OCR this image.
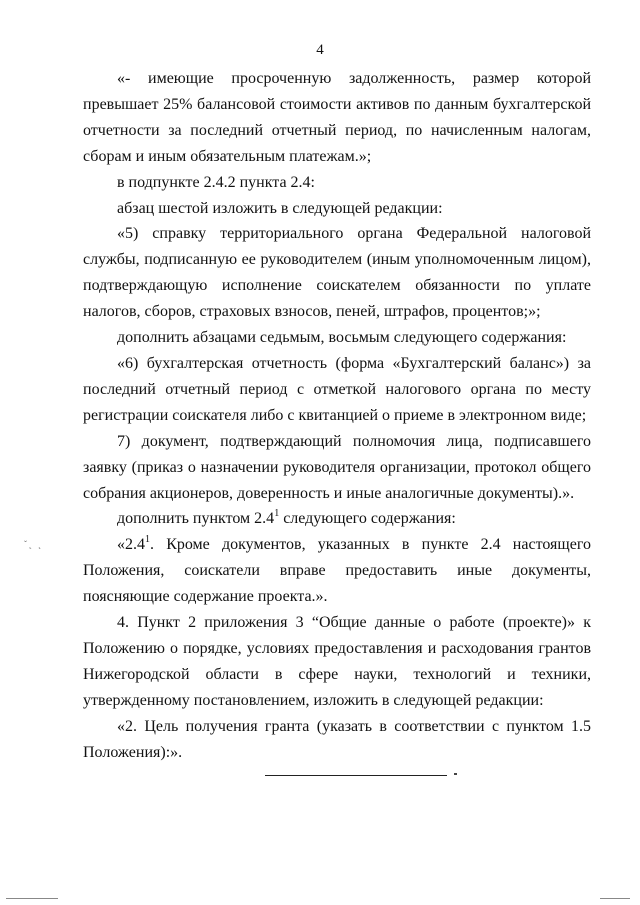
4

«- имеющие просроченную задолженность, размер которой превышает 25% балансовой стоимости активов по данным бухгалтерской отчетности за последний отчетный период, по начисленным налогам, сборам и иным обязательным платежам.»;

в подпункте 2.4.2 пункта 2.4:

абзац шестой изложить в следующей редакции:

«5) справку территориального органа Федеральной налоговой службы, подписанную ее руководителем (иным уполномоченным лицом), подтверждающую исполнение соискателем обязанности по уплате налогов, сборов, страховых взносов, пеней, штрафов, процентов;»;

дополнить абзацами седьмым, восьмым следующего содержания:

«6) бухгалтерская отчетность (форма «Бухгалтерский баланс») за последний отчетный период с отметкой налогового органа по месту регистрации соискателя либо с квитанцией о приеме в электронном виде;

7) документ, подтверждающий полномочия лица, подписавшего заявку (приказ о назначении руководителя организации, протокол общего собрания акционеров, доверенность и иные аналогичные документы).».

дополнить пунктом $2.4^1$ следующего содержания:

«$2.4^1$. Кроме документов, указанных в пункте 2.4 настоящего Положения, соискатели вправе предоставить иные документы, поясняющие содержание проекта.».

4. Пункт 2 приложения 3 “Общие данные о работе (проекте)» к Положению о порядке, условиях предоставления и расходования грантов Нижегородской области в сфере науки, технологий и техники, утвержденному постановлением, изложить в следующей редакции:

«2. Цель получения гранта (указать в соответствии с пунктом 1.5 Положения):».

ˇ˛ ˛
